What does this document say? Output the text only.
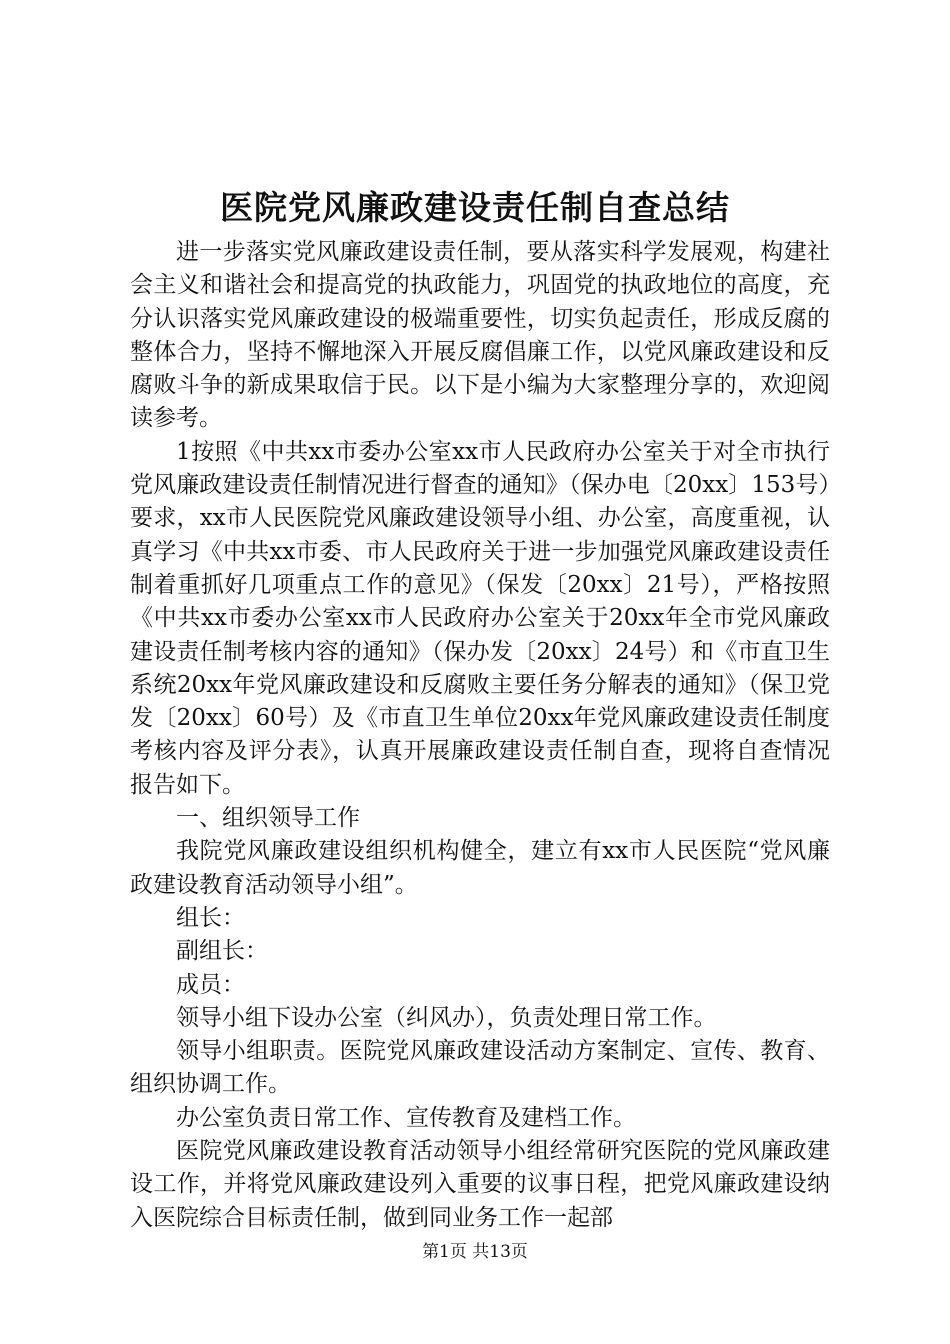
医院党风廉政建设责任制自查总结

进一步落实党风廉政建设责任制，要从落实科学发展观，构建社会主义和谐社会和提高党的执政能力，巩固党的执政地位的高度，充分认识落实党风廉政建设的极端重要性，切实负起责任，形成反腐的整体合力，坚持不懈地深入开展反腐倡廉工作，以党风廉政建设和反腐败斗争的新成果取信于民。以下是小编为大家整理分享的，欢迎阅读参考。

1按照《中共xx市委办公室xx市人民政府办公室关于对全市执行党风廉政建设责任制情况进行督查的通知》（保办电〔20xx〕153号）要求，xx市人民医院党风廉政建设领导小组、办公室，高度重视，认真学习《中共xx市委、市人民政府关于进一步加强党风廉政建设责任制着重抓好几项重点工作的意见》（保发〔20xx〕21号），严格按照《中共xx市委办公室xx市人民政府办公室关于20xx年全市党风廉政建设责任制考核内容的通知》（保办发〔20xx〕24号）和《市直卫生系统20xx年党风廉政建设和反腐败主要任务分解表的通知》（保卫党发〔20xx〕60号）及《市直卫生单位20xx年党风廉政建设责任制度考核内容及评分表》，认真开展廉政建设责任制自查，现将自查情况报告如下。

一、组织领导工作

我院党风廉政建设组织机构健全，建立有xx市人民医院“党风廉政建设教育活动领导小组”。

组长：

副组长：

成员：

领导小组下设办公室（纠风办），负责处理日常工作。

领导小组职责。医院党风廉政建设活动方案制定、宣传、教育、组织协调工作。

办公室负责日常工作、宣传教育及建档工作。

医院党风廉政建设教育活动领导小组经常研究医院的党风廉政建设工作，并将党风廉政建设列入重要的议事日程，把党风廉政建设纳入医院综合目标责任制，做到同业务工作一起部

第1页 共13页
